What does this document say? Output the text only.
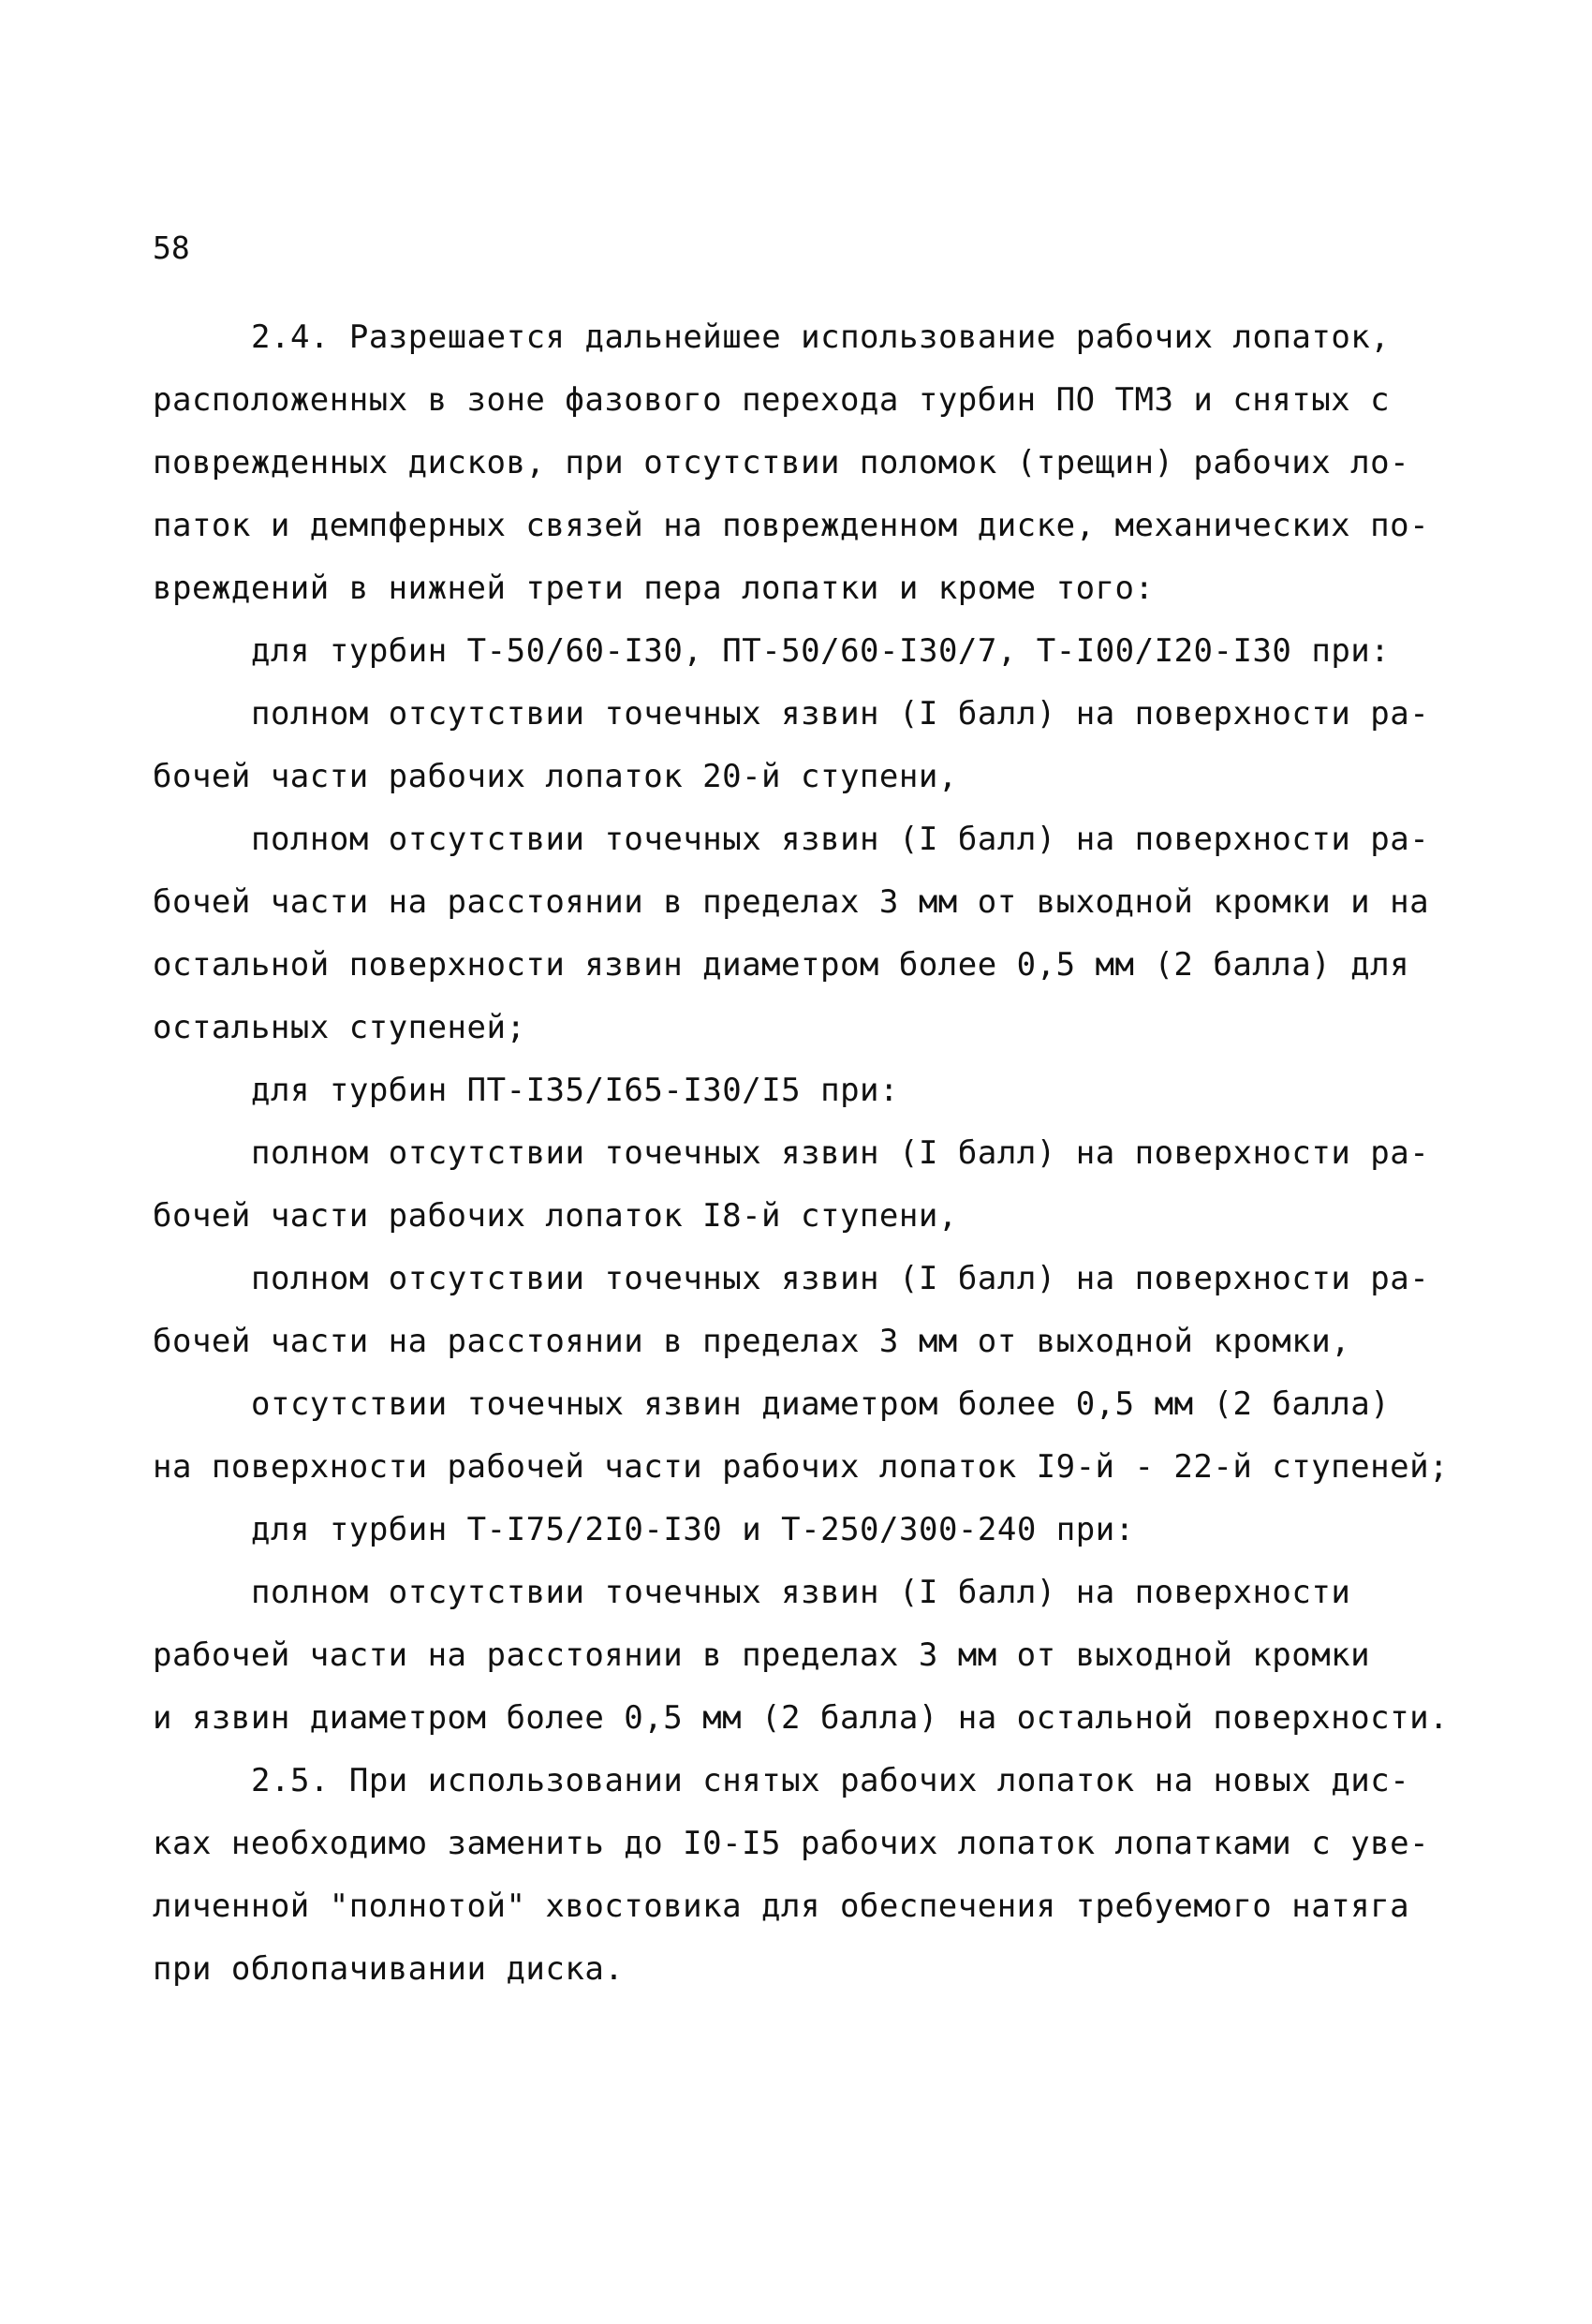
58
2.4. Разрешается дальнейшее использование рабочих лопаток,
расположенных в зоне фазового перехода турбин ПО ТМЗ и снятых с
поврежденных дисков, при отсутствии поломок (трещин) рабочих ло-
паток и демпферных связей на поврежденном диске, механических по-
вреждений в нижней трети пера лопатки и кроме того:
для турбин Т-50/60-I30, ПТ-50/60-I30/7, Т-I00/I20-I30 при:
полном отсутствии точечных язвин (I балл) на поверхности ра-
бочей части рабочих лопаток 20-й ступени,
полном отсутствии точечных язвин (I балл) на поверхности ра-
бочей части на расстоянии в пределах 3 мм от выходной кромки и на
остальной поверхности язвин диаметром более 0,5 мм (2 балла) для
остальных ступеней;
для турбин ПТ-I35/I65-I30/I5 при:
полном отсутствии точечных язвин (I балл) на поверхности ра-
бочей части рабочих лопаток I8-й ступени,
полном отсутствии точечных язвин (I балл) на поверхности ра-
бочей части на расстоянии в пределах 3 мм от выходной кромки,
отсутствии точечных язвин диаметром более 0,5 мм (2 балла)
на поверхности рабочей части рабочих лопаток I9-й - 22-й ступеней;
для турбин Т-I75/2I0-I30 и Т-250/300-240 при:
полном отсутствии точечных язвин (I балл) на поверхности
рабочей части на расстоянии в пределах 3 мм от выходной кромки
и язвин диаметром более 0,5 мм (2 балла) на остальной поверхности.
2.5. При использовании снятых рабочих лопаток на новых дис-
ках необходимо заменить до I0-I5 рабочих лопаток лопатками с уве-
личенной "полнотой" хвостовика для обеспечения требуемого натяга
при облопачивании диска.
